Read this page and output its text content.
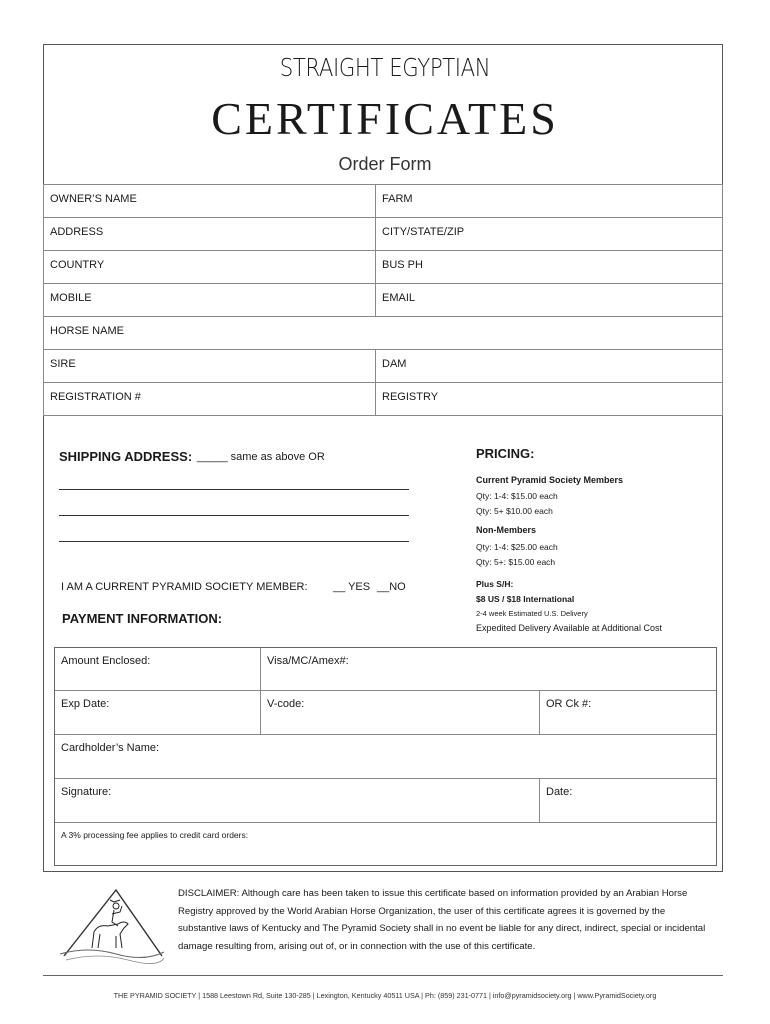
STRAIGHT EGYPTIAN
CERTIFICATES
Order Form
OWNER’S NAME	FARM
ADDRESS	CITY/STATE/ZIP
COUNTRY	BUS PH
MOBILE	EMAIL
HORSE NAME	
SIRE	DAM
REGISTRATION #	REGISTRY
SHIPPING ADDRESS: _____ same as above OR
I AM A CURRENT PYRAMID SOCIETY MEMBER: __ YES __NO
PAYMENT INFORMATION:
PRICING:
Current Pyramid Society Members
Qty: 1-4: $15.00 each
Qty: 5+ $10.00 each
Non-Members
Qty: 1-4: $25.00 each
Qty: 5+: $15.00 each
Plus S/H:
$8 US / $18 International
2-4 week Estimated U.S. Delivery
Expedited Delivery Available at Additional Cost
Amount Enclosed:	Visa/MC/Amex#:
Exp Date:	V-code:	OR Ck #:
Cardholder’s Name:
Signature:	Date:
A 3% processing fee applies to credit card orders:
DISCLAIMER: Although care has been taken to issue this certificate based on information provided by an Arabian Horse Registry approved by the World Arabian Horse Organization, the user of this certificate agrees it is governed by the substantive laws of Kentucky and The Pyramid Society shall in no event be liable for any direct, indirect, special or incidental damage resulting from, arising out of, or in connection with the use of this certificate.
THE PYRAMID SOCIETY | 1588 Leestown Rd, Suite 130-285 | Lexington, Kentucky 40511 USA | Ph: (859) 231-0771 | info@pyramidsociety.org | www.PyramidSociety.org
